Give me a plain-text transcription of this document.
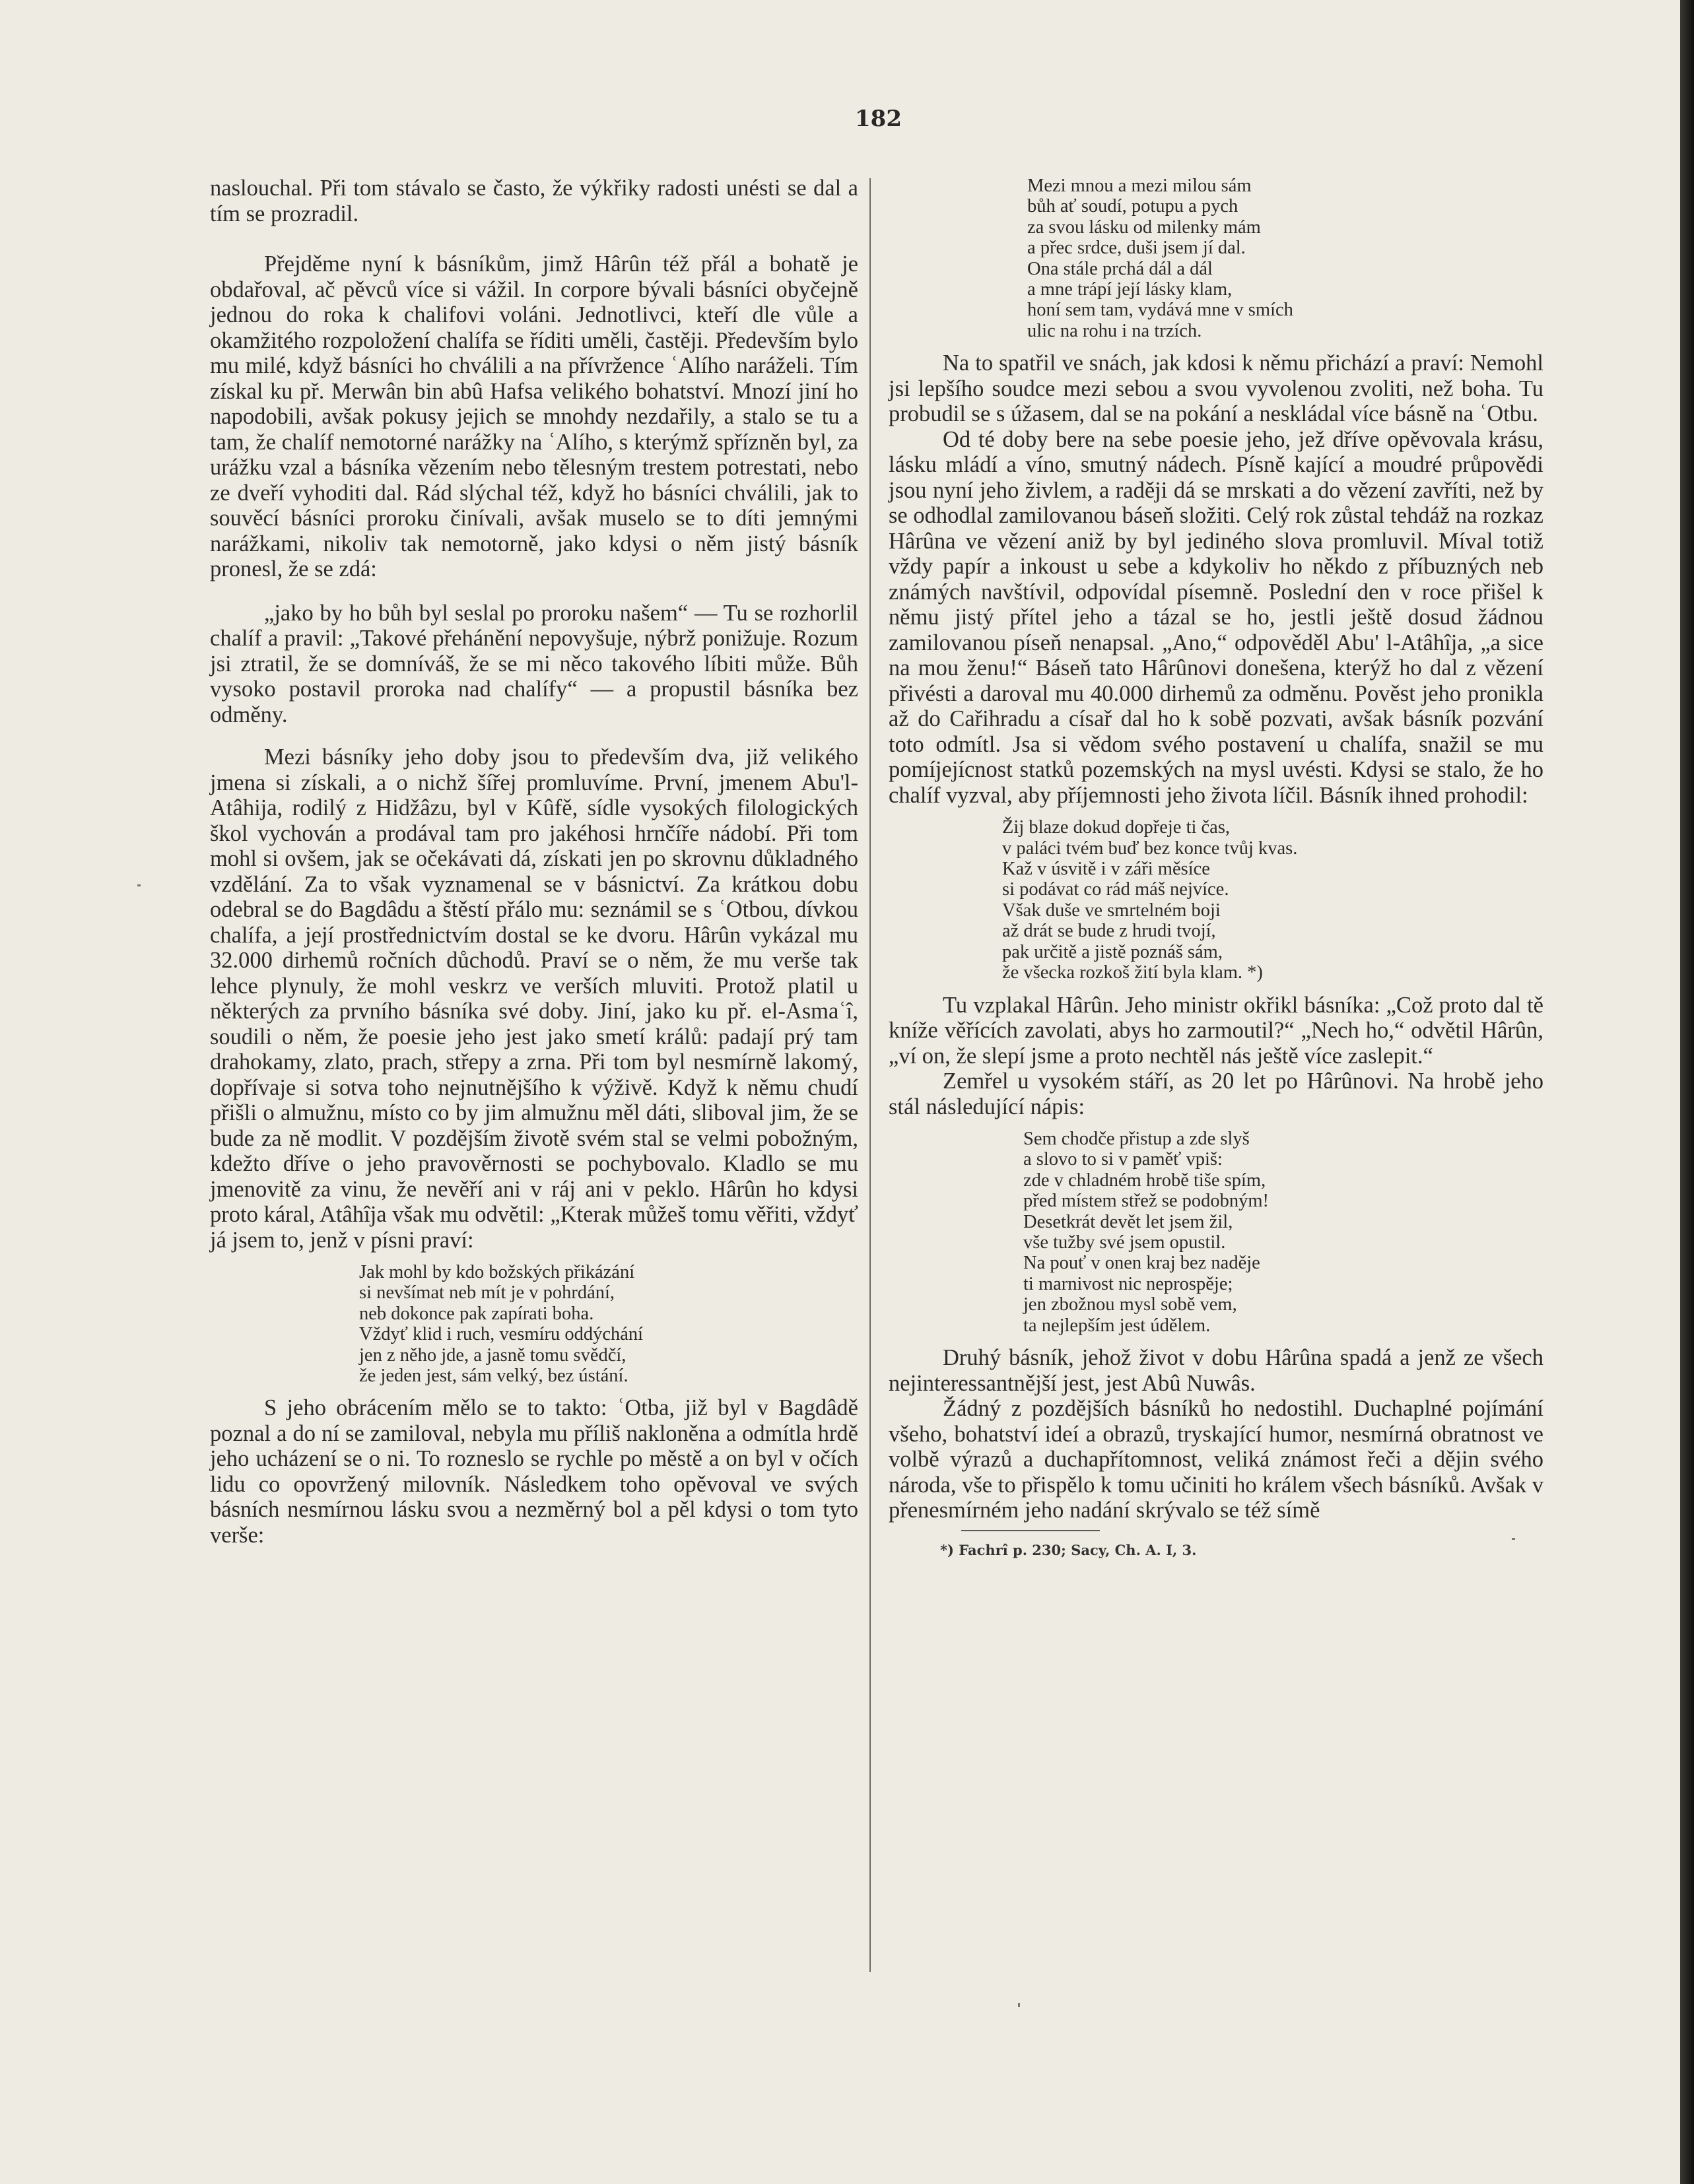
182

naslouchal. Při tom stávalo se často, že výkřiky radosti unésti se dal a tím se prozradil.

Přejděme nyní k básníkům, jimž Hârûn též přál a bohatě je obdařoval, ač pěvců více si vážil. In corpore bývali básníci obyčejně jednou do roka k chalifovi voláni. Jednotlivci, kteří dle vůle a okamžitého rozpoložení chalífa se říditi uměli, častěji. Především bylo mu milé, když básníci ho chválili a na přívržence ʿAlího naráželi. Tím získal ku př. Merwân bin abû Hafsa velikého bohatství. Mnozí jiní ho napodobili, avšak pokusy jejich se mnohdy nezdařily, a stalo se tu a tam, že chalíf nemotorné narážky na ʿAlího, s kterýmž spřízněn byl, za urážku vzal a básníka vězením nebo tělesným trestem potrestati, nebo ze dveří vyhoditi dal. Rád slýchal též, když ho básníci chválili, jak to souvěcí básníci proroku činívali, avšak muselo se to díti jemnými narážkami, nikoliv tak nemotorně, jako kdysi o něm jistý básník pronesl, že se zdá:

„jako by ho bůh byl seslal po proroku našem“ — Tu se rozhorlil chalíf a pravil: „Takové přehánění nepovyšuje, nýbrž ponižuje. Rozum jsi ztratil, že se domníváš, že se mi něco takového líbiti může. Bůh vysoko postavil proroka nad chalífy“ — a propustil básníka bez odměny.

Mezi básníky jeho doby jsou to především dva, již velikého jmena si získali, a o nichž šířej promluvíme. První, jmenem Abu'l-Atâhija, rodilý z Hidžâzu, byl v Kûfě, sídle vysokých filologických škol vychován a prodával tam pro jakéhosi hrnčíře nádobí. Při tom mohl si ovšem, jak se očekávati dá, získati jen po skrovnu důkladného vzdělání. Za to však vyznamenal se v básnictví. Za krátkou dobu odebral se do Bagdâdu a štěstí přálo mu: seznámil se s ʿOtbou, dívkou chalífa, a její prostřednictvím dostal se ke dvoru. Hârûn vykázal mu 32.000 dirhemů ročních důchodů. Praví se o něm, že mu verše tak lehce plynuly, že mohl veskrz ve verších mluviti. Protož platil u některých za prvního básníka své doby. Jiní, jako ku př. el-Asmaʿî, soudili o něm, že poesie jeho jest jako smetí králů: padají prý tam drahokamy, zlato, prach, střepy a zrna. Při tom byl nesmírně lakomý, dopřívaje si sotva toho nejnutnějšího k výživě. Když k němu chudí přišli o almužnu, místo co by jim almužnu měl dáti, sliboval jim, že se bude za ně modlit. V pozdějším životě svém stal se velmi pobožným, kdežto dříve o jeho pravověrnosti se pochybovalo. Kladlo se mu jmenovitě za vinu, že nevěří ani v ráj ani v peklo. Hârûn ho kdysi proto káral, Atâhîja však mu odvětil: „Kterak můžeš tomu věřiti, vždyť já jsem to, jenž v písni praví:

Jak mohl by kdo božských přikázání
si nevšímat neb mít je v pohrdání,
neb dokonce pak zapírati boha.
Vždyť klid i ruch, vesmíru oddýchání
jen z něho jde, a jasně tomu svědčí,
že jeden jest, sám velký, bez ústání.

S jeho obrácením mělo se to takto: ʿOtba, již byl v Bagdâdě poznal a do ní se zamiloval, nebyla mu příliš nakloněna a odmítla hrdě jeho ucházení se o ni. To rozneslo se rychle po městě a on byl v očích lidu co opovržený milovník. Následkem toho opěvoval ve svých básních nesmírnou lásku svou a nezměrný bol a pěl kdysi o tom tyto verše:

Mezi mnou a mezi milou sám
bůh ať soudí, potupu a pych
za svou lásku od milenky mám
a přec srdce, duši jsem jí dal.
Ona stále prchá dál a dál
a mne trápí její lásky klam,
honí sem tam, vydává mne v smích
ulic na rohu i na trzích.

Na to spatřil ve snách, jak kdosi k němu přichází a praví: Nemohl jsi lepšího soudce mezi sebou a svou vyvolenou zvoliti, než boha. Tu probudil se s úžasem, dal se na pokání a neskládal více básně na ʿOtbu.

Od té doby bere na sebe poesie jeho, jež dříve opěvovala krásu, lásku mládí a víno, smutný nádech. Písně kající a moudré průpovědi jsou nyní jeho živlem, a raději dá se mrskati a do vězení zavříti, než by se odhodlal zamilovanou báseň složiti. Celý rok zůstal tehdáž na rozkaz Hârûna ve vězení aniž by byl jediného slova promluvil. Míval totiž vždy papír a inkoust u sebe a kdykoliv ho někdo z příbuzných neb známých navštívil, odpovídal písemně. Poslední den v roce přišel k němu jistý přítel jeho a tázal se ho, jestli ještě dosud žádnou zamilovanou píseň nenapsal. „Ano,“ odpověděl Abu' l-Atâhîja, „a sice na mou ženu!“ Báseň tato Hârûnovi donešena, kterýž ho dal z vězení přivésti a daroval mu 40.000 dirhemů za odměnu. Pověst jeho pronikla až do Cařihradu a císař dal ho k sobě pozvati, avšak básník pozvání toto odmítl. Jsa si vědom svého postavení u chalífa, snažil se mu pomíjejícnost statků pozemských na mysl uvésti. Kdysi se stalo, že ho chalíf vyzval, aby příjemnosti jeho života líčil. Básník ihned prohodil:

Žij blaze dokud dopřeje ti čas,
v paláci tvém buď bez konce tvůj kvas.
Kaž v úsvitě i v záři měsíce
si podávat co rád máš nejvíce.
Však duše ve smrtelném boji
až drát se bude z hrudi tvojí,
pak určitě a jistě poznáš sám,
že všecka rozkoš žití byla klam. *)

Tu vzplakal Hârûn. Jeho ministr okřikl básníka: „Což proto dal tě kníže věřících zavolati, abys ho zarmoutil?“ „Nech ho,“ odvětil Hârûn, „ví on, že slepí jsme a proto nechtěl nás ještě více zaslepit.“

Zemřel u vysokém stáří, as 20 let po Hârûnovi. Na hrobě jeho stál následující nápis:

Sem chodče přistup a zde slyš
a slovo to si v paměť vpiš:
zde v chladném hrobě tiše spím,
před místem střež se podobným!
Desetkrát devět let jsem žil,
vše tužby své jsem opustil.
Na pouť v onen kraj bez naděje
ti marnivost nic neprospěje;
jen zbožnou mysl sobě vem,
ta nejlepším jest údělem.

Druhý básník, jehož život v dobu Hârûna spadá a jenž ze všech nejinteressantnější jest, jest Abû Nuwâs.

Žádný z pozdějších básníků ho nedostihl. Duchaplné pojímání všeho, bohatství ideí a obrazů, tryskající humor, nesmírná obratnost ve volbě výrazů a duchapřítomnost, veliká známost řeči a dějin svého národa, vše to přispělo k tomu učiniti ho králem všech básníků. Avšak v přenesmírném jeho nadání skrývalo se též símě

*) Fachrî p. 230; Sacy, Ch. A. I, 3.
